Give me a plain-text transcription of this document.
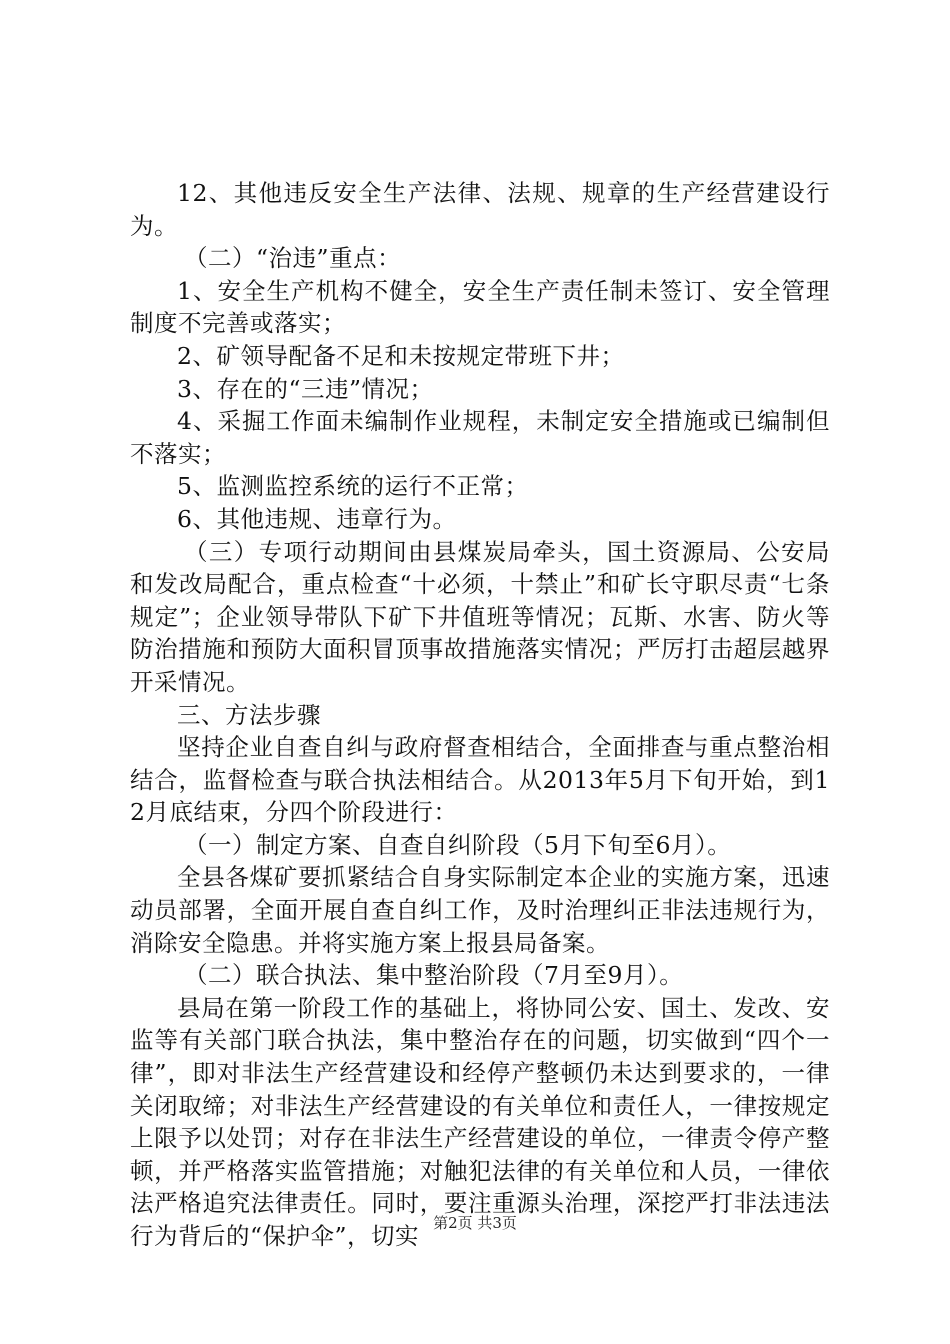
12、其他违反安全生产法律、法规、规章的生产经营建设行为。

（二）“治违”重点：

1、安全生产机构不健全，安全生产责任制未签订、安全管理制度不完善或落实；

2、矿领导配备不足和未按规定带班下井；

3、存在的“三违”情况；

4、采掘工作面未编制作业规程，未制定安全措施或已编制但不落实；

5、监测监控系统的运行不正常；

6、其他违规、违章行为。

（三）专项行动期间由县煤炭局牵头，国土资源局、公安局和发改局配合，重点检查“十必须，十禁止”和矿长守职尽责“七条规定”；企业领导带队下矿下井值班等情况；瓦斯、水害、防火等防治措施和预防大面积冒顶事故措施落实情况；严厉打击超层越界开采情况。

三、方法步骤

坚持企业自查自纠与政府督查相结合，全面排查与重点整治相结合，监督检查与联合执法相结合。从2013年5月下旬开始，到12月底结束，分四个阶段进行：

（一）制定方案、自查自纠阶段（5月下旬至6月）。

全县各煤矿要抓紧结合自身实际制定本企业的实施方案，迅速动员部署，全面开展自查自纠工作，及时治理纠正非法违规行为，消除安全隐患。并将实施方案上报县局备案。

（二）联合执法、集中整治阶段（7月至9月）。

县局在第一阶段工作的基础上，将协同公安、国土、发改、安监等有关部门联合执法，集中整治存在的问题，切实做到“四个一律”，即对非法生产经营建设和经停产整顿仍未达到要求的，一律关闭取缔；对非法生产经营建设的有关单位和责任人，一律按规定上限予以处罚；对存在非法生产经营建设的单位，一律责令停产整顿，并严格落实监管措施；对触犯法律的有关单位和人员，一律依法严格追究法律责任。同时，要注重源头治理，深挖严打非法违法行为背后的“保护伞”，切实 第2页 共3页
